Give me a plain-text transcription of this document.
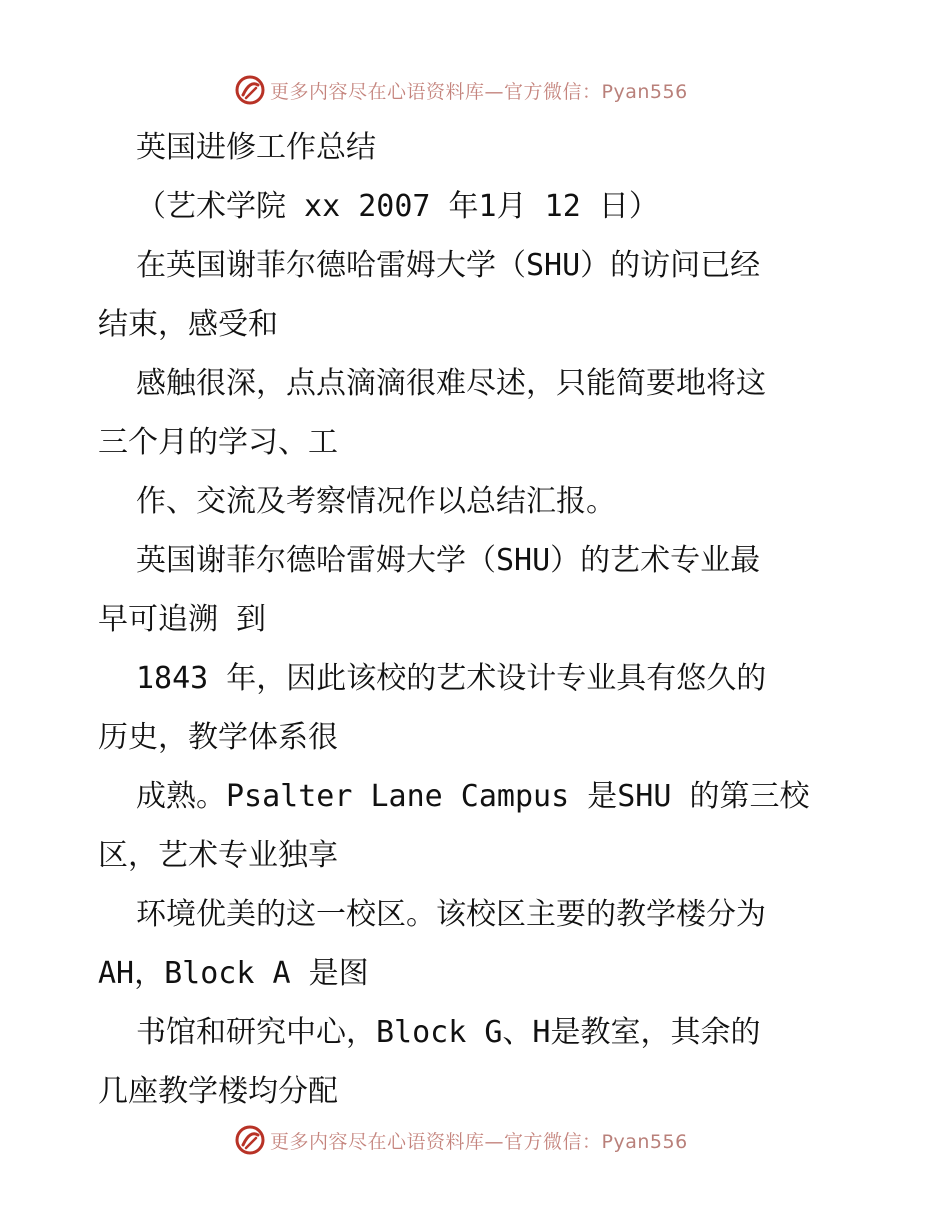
更多内容尽在心语资料库—官方微信：Pyan556

英国进修工作总结

（艺术学院 xx 2007 年1月 12 日）

在英国谢菲尔德哈雷姆大学（SHU）的访问已经

结束，感受和

感触很深，点点滴滴很难尽述，只能简要地将这

三个月的学习、工

作、交流及考察情况作以总结汇报。

英国谢菲尔德哈雷姆大学（SHU）的艺术专业最

早可追溯 到

1843 年，因此该校的艺术设计专业具有悠久的

历史，教学体系很

成熟。Psalter Lane Campus 是SHU 的第三校

区，艺术专业独享

环境优美的这一校区。该校区主要的教学楼分为

AH，Block A 是图

书馆和研究中心，Block G、H是教室，其余的

几座教学楼均分配

更多内容尽在心语资料库—官方微信：Pyan556
